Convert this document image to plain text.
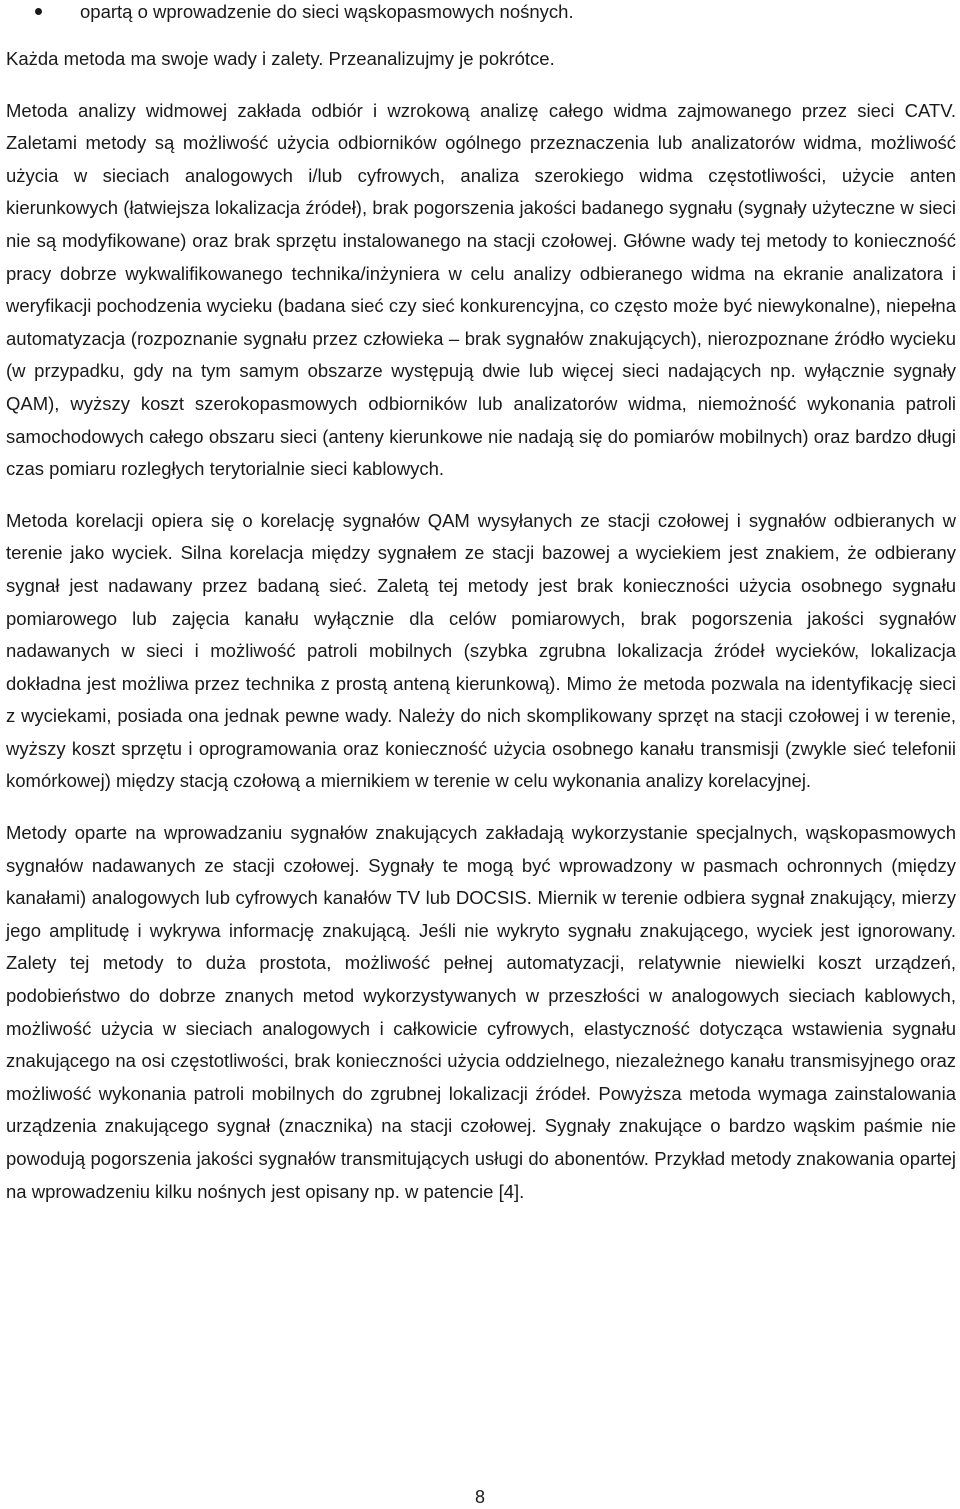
opartą o wprowadzenie do sieci wąskopasmowych nośnych.

Każda metoda ma swoje wady i zalety. Przeanalizujmy je pokrótce.

Metoda analizy widmowej zakłada odbiór i wzrokową analizę całego widma zajmowanego przez sieci CATV. Zaletami metody są możliwość użycia odbiorników ogólnego przeznaczenia lub analizatorów widma, możliwość użycia w sieciach analogowych i/lub cyfrowych, analiza szerokiego widma częstotliwości, użycie anten kierunkowych (łatwiejsza lokalizacja źródeł), brak pogorszenia jakości badanego sygnału (sygnały użyteczne w sieci nie są modyfikowane) oraz brak sprzętu instalowanego na stacji czołowej. Główne wady tej metody to konieczność pracy dobrze wykwalifikowanego technika/inżyniera w celu analizy odbieranego widma na ekranie analizatora i weryfikacji pochodzenia wycieku (badana sieć czy sieć konkurencyjna, co często może być niewykonalne), niepełna automatyzacja (rozpoznanie sygnału przez człowieka – brak sygnałów znakujących), nierozpoznane źródło wycieku (w przypadku, gdy na tym samym obszarze występują dwie lub więcej sieci nadających np. wyłącznie sygnały QAM), wyższy koszt szerokopasmowych odbiorników lub analizatorów widma, niemożność wykonania patroli samochodowych całego obszaru sieci (anteny kierunkowe nie nadają się do pomiarów mobilnych) oraz bardzo długi czas pomiaru rozległych terytorialnie sieci kablowych.

Metoda korelacji opiera się o korelację sygnałów QAM wysyłanych ze stacji czołowej i sygnałów odbieranych w terenie jako wyciek. Silna korelacja między sygnałem ze stacji bazowej a wyciekiem jest znakiem, że odbierany sygnał jest nadawany przez badaną sieć. Zaletą tej metody jest brak konieczności użycia osobnego sygnału pomiarowego lub zajęcia kanału wyłącznie dla celów pomiarowych, brak pogorszenia jakości sygnałów nadawanych w sieci i możliwość patroli mobilnych (szybka zgrubna lokalizacja źródeł wycieków, lokalizacja dokładna jest możliwa przez technika z prostą anteną kierunkową). Mimo że metoda pozwala na identyfikację sieci z wyciekami, posiada ona jednak pewne wady. Należy do nich skomplikowany sprzęt na stacji czołowej i w terenie, wyższy koszt sprzętu i oprogramowania oraz konieczność użycia osobnego kanału transmisji (zwykle sieć telefonii komórkowej) między stacją czołową a miernikiem w terenie w celu wykonania analizy korelacyjnej.

Metody oparte na wprowadzaniu sygnałów znakujących zakładają wykorzystanie specjalnych, wąskopasmowych sygnałów nadawanych ze stacji czołowej. Sygnały te mogą być wprowadzony w pasmach ochronnych (między kanałami) analogowych lub cyfrowych kanałów TV lub DOCSIS. Miernik w terenie odbiera sygnał znakujący, mierzy jego amplitudę i wykrywa informację znakującą. Jeśli nie wykryto sygnału znakującego, wyciek jest ignorowany. Zalety tej metody to duża prostota, możliwość pełnej automatyzacji, relatywnie niewielki koszt urządzeń, podobieństwo do dobrze znanych metod wykorzystywanych w przeszłości w analogowych sieciach kablowych, możliwość użycia w sieciach analogowych i całkowicie cyfrowych, elastyczność dotycząca wstawienia sygnału znakującego na osi częstotliwości, brak konieczności użycia oddzielnego, niezależnego kanału transmisyjnego oraz możliwość wykonania patroli mobilnych do zgrubnej lokalizacji źródeł. Powyższa metoda wymaga zainstalowania urządzenia znakującego sygnał (znacznika) na stacji czołowej. Sygnały znakujące o bardzo wąskim paśmie nie powodują pogorszenia jakości sygnałów transmitujących usługi do abonentów. Przykład metody znakowania opartej na wprowadzeniu kilku nośnych jest opisany np. w patencie [4].

8
